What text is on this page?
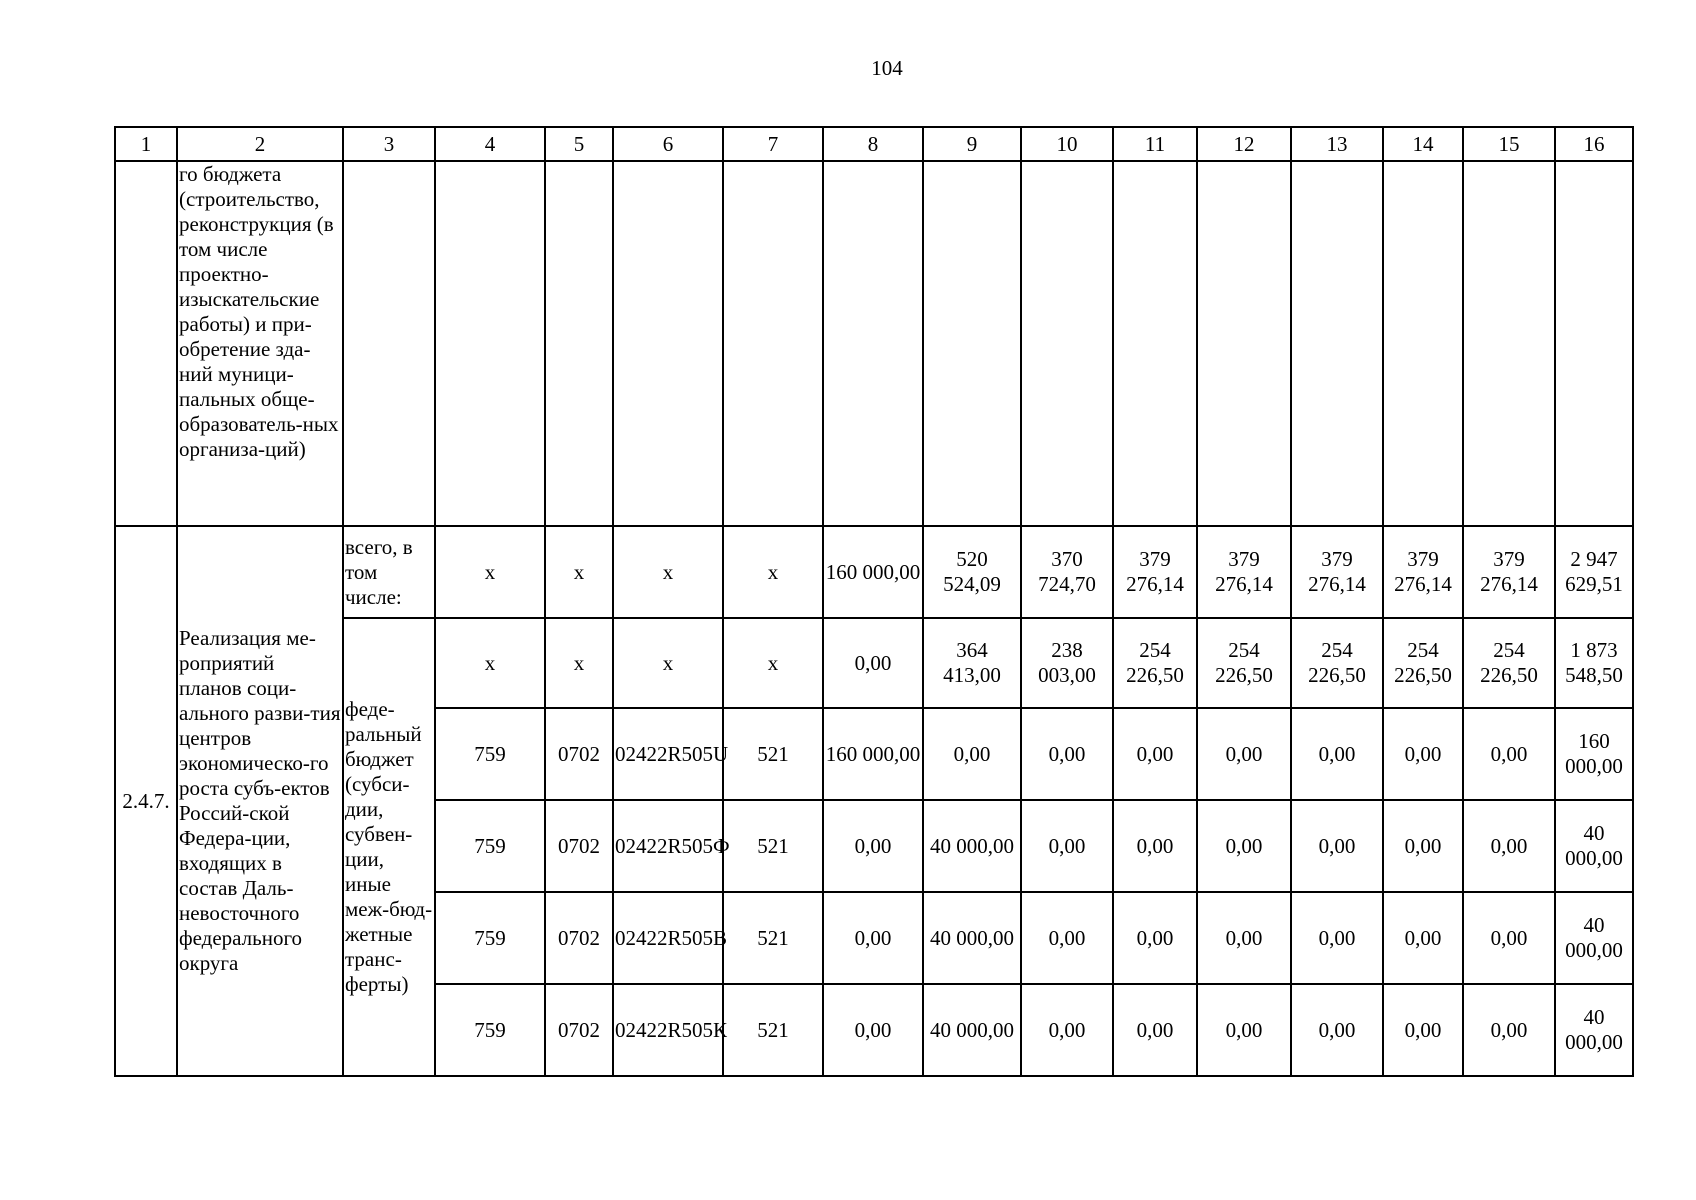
104
1	2	3	4	5	6	7	8	9	10	11	12	13	14	15	16
	го бюджета (строительство, реконструкция (в том числе проектно-изыскательские работы) и при-обретение зда-ний муници-пальных обще-образователь-ных организа-ций)														
2.4.7.	Реализация ме-роприятий планов соци-ального разви-тия центров экономическо-го роста субъ-ектов Россий-ской Федера-ции, входящих в состав Даль-невосточного федерального округа	всего, в том числе:	х	х	х	х	160 000,00	520 524,09	370 724,70	379 276,14	379 276,14	379 276,14	379 276,14	379 276,14	2 947 629,51
		феде-ральный бюджет (субси-дии, субвен-ции, иные меж-бюд-жетные транс-ферты)	х	х	х	х	0,00	364 413,00	238 003,00	254 226,50	254 226,50	254 226,50	254 226,50	254 226,50	1 873 548,50
			759	0702	02422R505U	521	160 000,00	0,00	0,00	0,00	0,00	0,00	0,00	0,00	160 000,00
			759	0702	02422R505Ф	521	0,00	40 000,00	0,00	0,00	0,00	0,00	0,00	0,00	40 000,00
			759	0702	02422R505В	521	0,00	40 000,00	0,00	0,00	0,00	0,00	0,00	0,00	40 000,00
			759	0702	02422R505К	521	0,00	40 000,00	0,00	0,00	0,00	0,00	0,00	0,00	40 000,00
